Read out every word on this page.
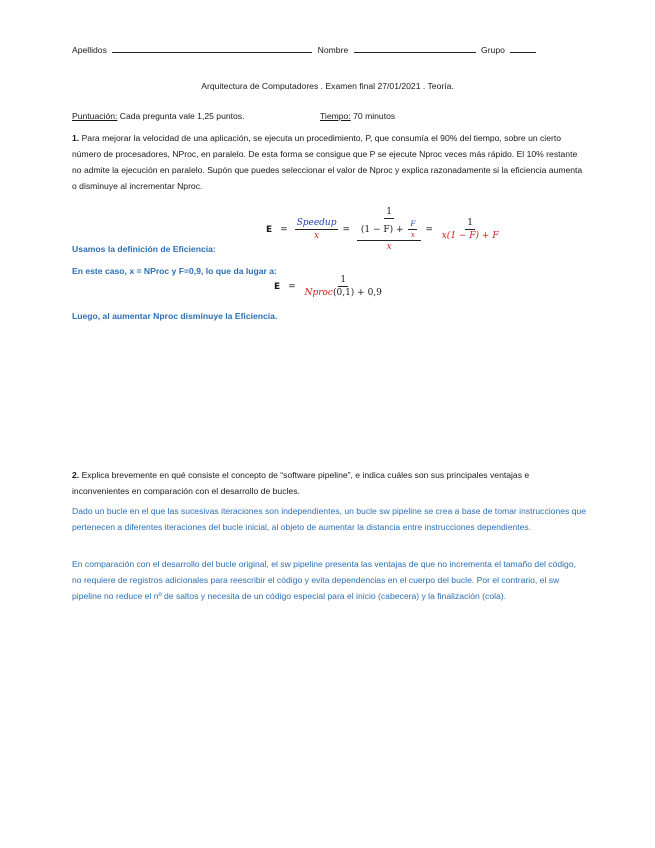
Apellidos	Nombre	Grupo
Arquitectura de Computadores . Examen final 27/01/2021 . Teoría.
Puntuación: Cada pregunta vale 1,25 puntos.	Tiempo: 70 minutos
1. Para mejorar la velocidad de una aplicación, se ejecuta un procedimiento, P, que consumía el 90% del tiempo, sobre un cierto número de procesadores, NProc, en paralelo. De esta forma se consigue que P se ejecute Nproc veces más rápido. El 10% restante no admite la ejecución en paralelo. Supón que puedes seleccionar el valor de Nproc y explica razonadamente si la eficiencia aumenta o disminuye al incrementar Nproc.
Usamos la definición de Eficiencia:
$E = \frac{\text{Speedup}}{x} = \frac{\frac{1}{(1 - F) + \frac{F}{x}}}{x} = \frac{1}{x(1 - F) + F}$
En este caso, x = NProc y F=0,9, lo que da lugar a:
$E = \frac{1}{\text{Nproc(0,1) + 0,9}}$
Luego, al aumentar Nproc disminuye la Eficiencia.
2. Explica brevemente en qué consiste el concepto de “software pipeline”, e indica cuáles son sus principales ventajas e inconvenientes en comparación con el desarrollo de bucles.
Dado un bucle en el que las sucesivas iteraciones son independientes, un bucle sw pipeline se crea a base de tomar instrucciones que pertenecen a diferentes iteraciones del bucle inicial, al objeto de aumentar la distancia entre instrucciones dependientes.
En comparación con el desarrollo del bucle original, el sw pipeline presenta las ventajas de que no incrementa el tamaño del código, no requiere de registros adicionales para reescribir el código y evita dependencias en el cuerpo del bucle. Por el contrario, el sw pipeline no reduce el nº de saltos y necesita de un código especial para el inicio (cabecera) y la finalización (cola).
